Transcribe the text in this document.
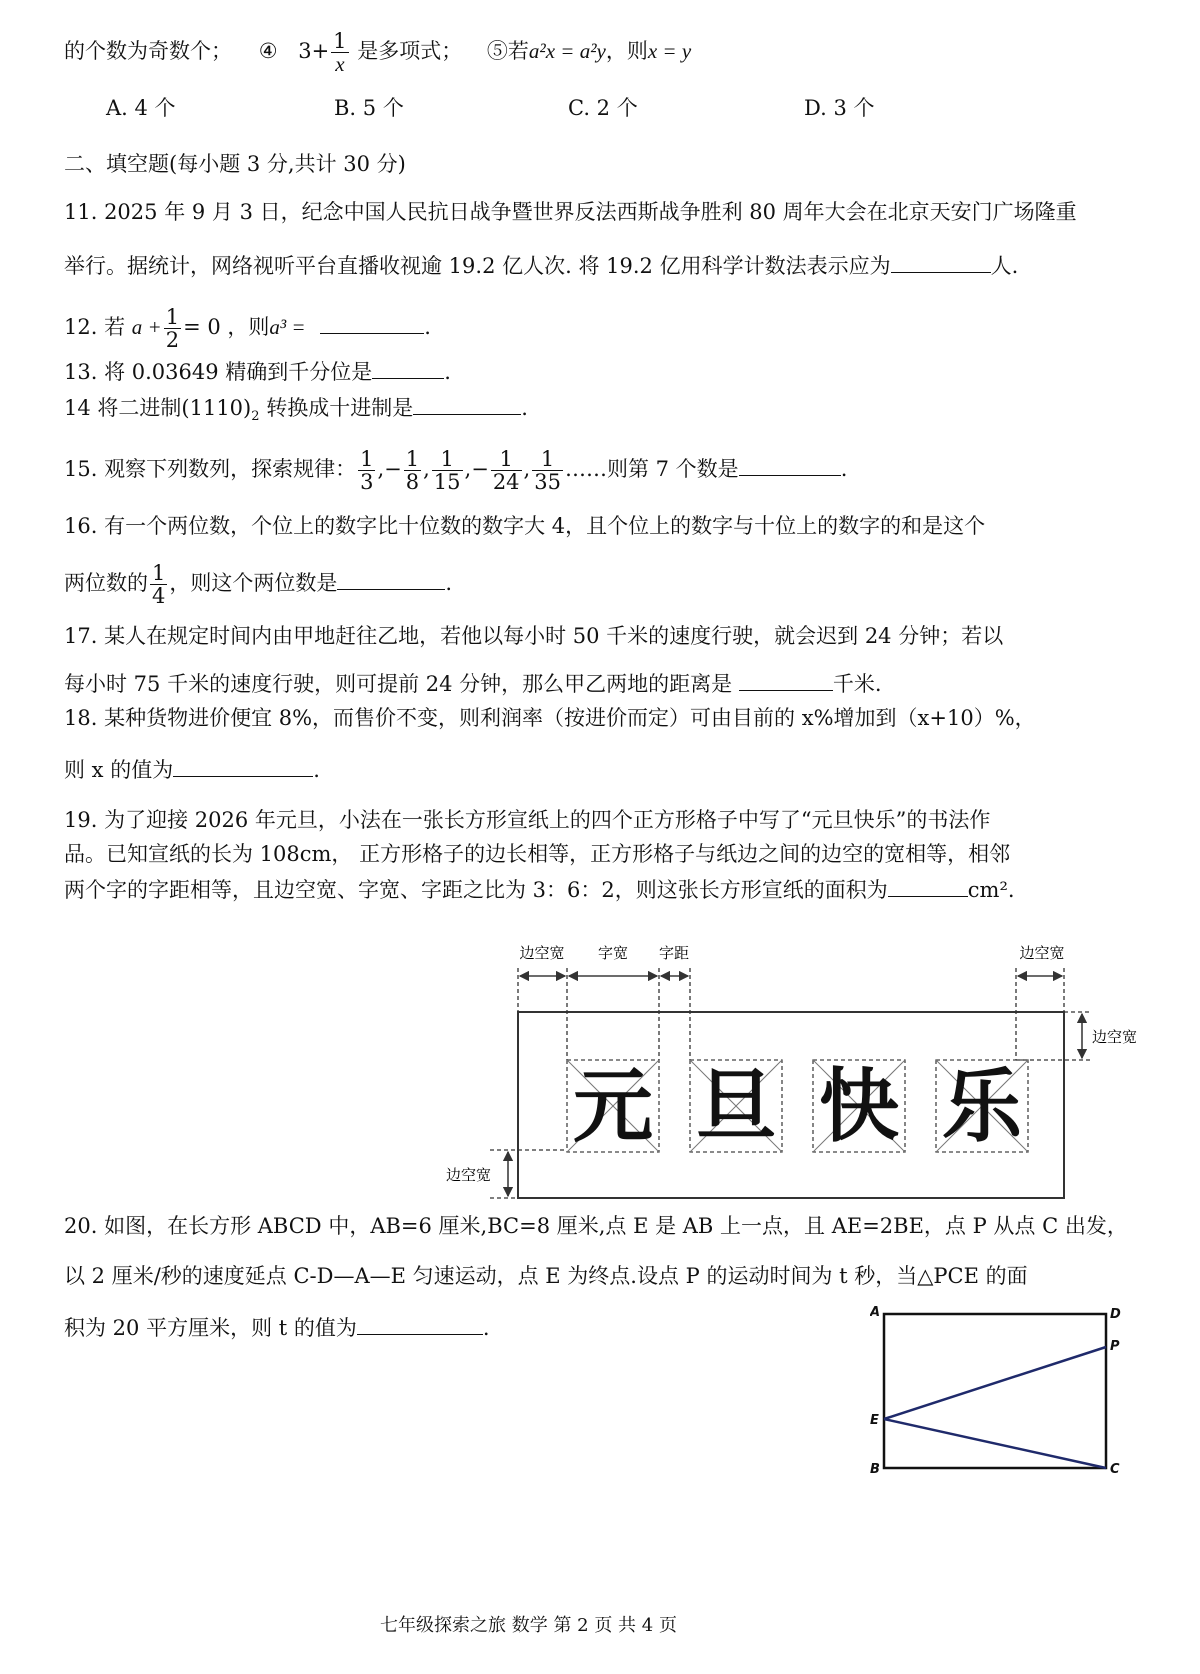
的个数为奇数个； ④ $3+ \frac{1}{x}$ 是多项式； ⑤若a²x = a²y，则x = y
A. 4 个	B. 5 个	C. 2 个	D. 3 个
二、填空题(每小题 3 分,共计 30 分)
11. 2025 年 9 月 3 日，纪念中国人民抗日战争暨世界反法西斯战争胜利 80 周年大会在北京天安门广场隆重
举行。据统计，网络视听平台直播收视逾 19.2 亿人次. 将 19.2 亿用科学计数法表示应为	人.
12. 若 $a + \frac{1}{2} = 0$ ，则a³ =	.
13. 将 0.03649 精确到千分位是	.
14 将二进制$(1110)_2$ 转换成十进制是	.
15. 观察下列数列，探索规律： $\frac{1}{3}$ ,− $\frac{1}{8}$ , $\frac{1}{15}$ ,− $\frac{1}{24}$ , $\frac{1}{35}$ ……则第 7 个数是	.
16. 有一个两位数，个位上的数字比十位数的数字大 4，且个位上的数字与十位上的数字的和是这个
两位数的 $\frac{1}{4}$ ，则这个两位数是	.
17. 某人在规定时间内由甲地赶往乙地，若他以每小时 50 千米的速度行驶，就会迟到 24 分钟；若以
每小时 75 千米的速度行驶，则可提前 24 分钟，那么甲乙两地的距离是	千米.
18. 某种货物进价便宜 8%，而售价不变，则利润率（按进价而定）可由目前的 x%增加到（x+10）%，
则 x 的值为	.
19. 为了迎接 2026 年元旦，小法在一张长方形宣纸上的四个正方形格子中写了“元旦快乐”的书法作
品。已知宣纸的长为 108cm， 正方形格子的边长相等，正方形格子与纸边之间的边空的宽相等，相邻
两个字的字距相等，且边空宽、字宽、字距之比为 3：6：2，则这张长方形宣纸的面积为	cm².
边空宽 字宽 字距	边空宽
边空宽
边空宽
元 旦 快 乐
20. 如图，在长方形 ABCD 中，AB=6 厘米,BC=8 厘米,点 E 是 AB 上一点，且 AE=2BE，点 P 从点 C 出发，
以 2 厘米/秒的速度延点 C-D—A—E 匀速运动，点 E 为终点.设点 P 的运动时间为 t 秒，当△PCE 的面
积为 20 平方厘米，则 t 的值为	.
A
B	C
D
E
P
七年级探索之旅 数学 第 2 页 共 4 页
